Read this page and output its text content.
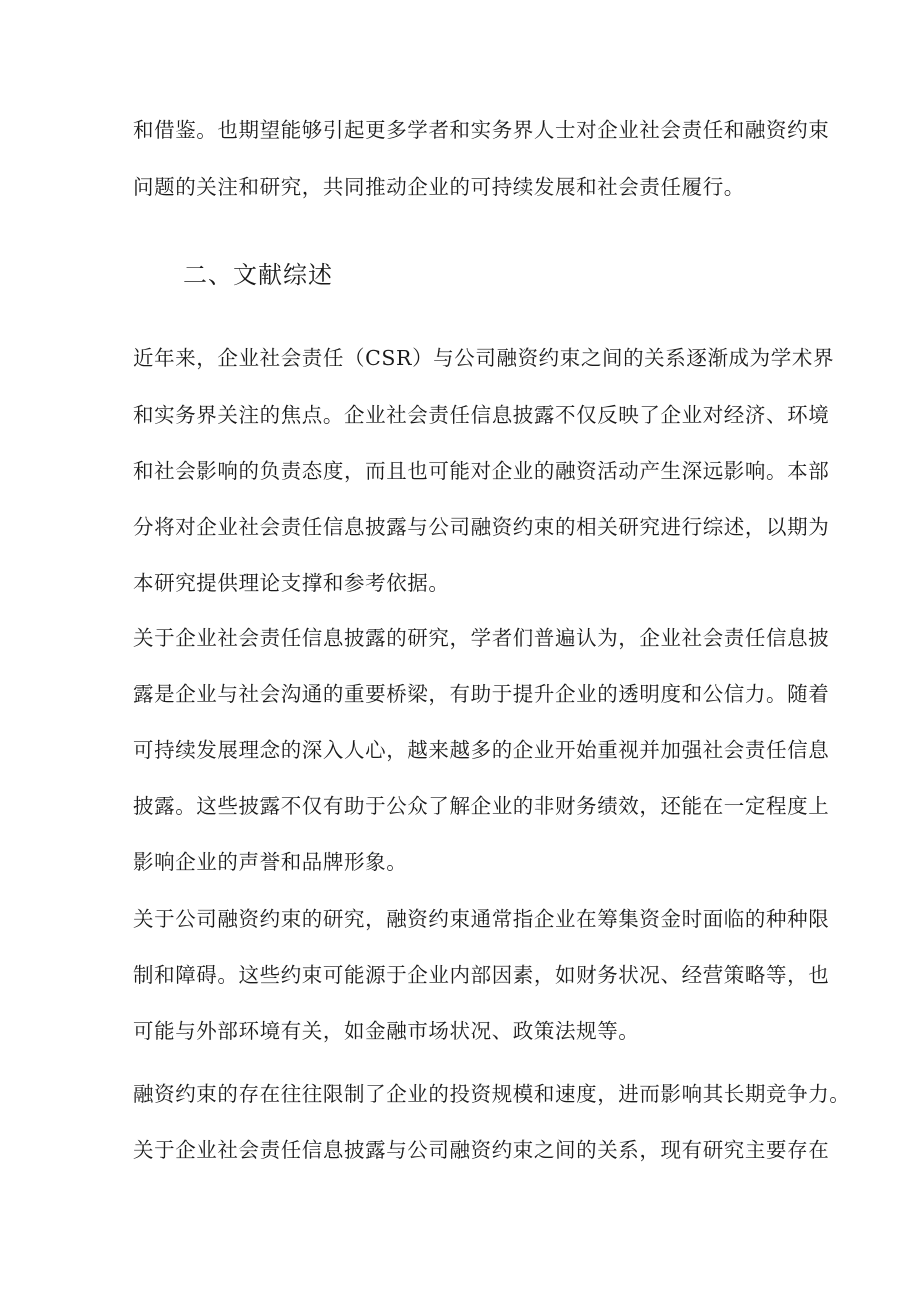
和借鉴。也期望能够引起更多学者和实务界人士对企业社会责任和融资约束
问题的关注和研究，共同推动企业的可持续发展和社会责任履行。
二、文献综述
近年来，企业社会责任（CSR）与公司融资约束之间的关系逐渐成为学术界
和实务界关注的焦点。企业社会责任信息披露不仅反映了企业对经济、环境
和社会影响的负责态度，而且也可能对企业的融资活动产生深远影响。本部
分将对企业社会责任信息披露与公司融资约束的相关研究进行综述，以期为
本研究提供理论支撑和参考依据。
关于企业社会责任信息披露的研究，学者们普遍认为，企业社会责任信息披
露是企业与社会沟通的重要桥梁，有助于提升企业的透明度和公信力。随着
可持续发展理念的深入人心，越来越多的企业开始重视并加强社会责任信息
披露。这些披露不仅有助于公众了解企业的非财务绩效，还能在一定程度上
影响企业的声誉和品牌形象。
关于公司融资约束的研究，融资约束通常指企业在筹集资金时面临的种种限
制和障碍。这些约束可能源于企业内部因素，如财务状况、经营策略等，也
可能与外部环境有关，如金融市场状况、政策法规等。
融资约束的存在往往限制了企业的投资规模和速度，进而影响其长期竞争力。
关于企业社会责任信息披露与公司融资约束之间的关系，现有研究主要存在
